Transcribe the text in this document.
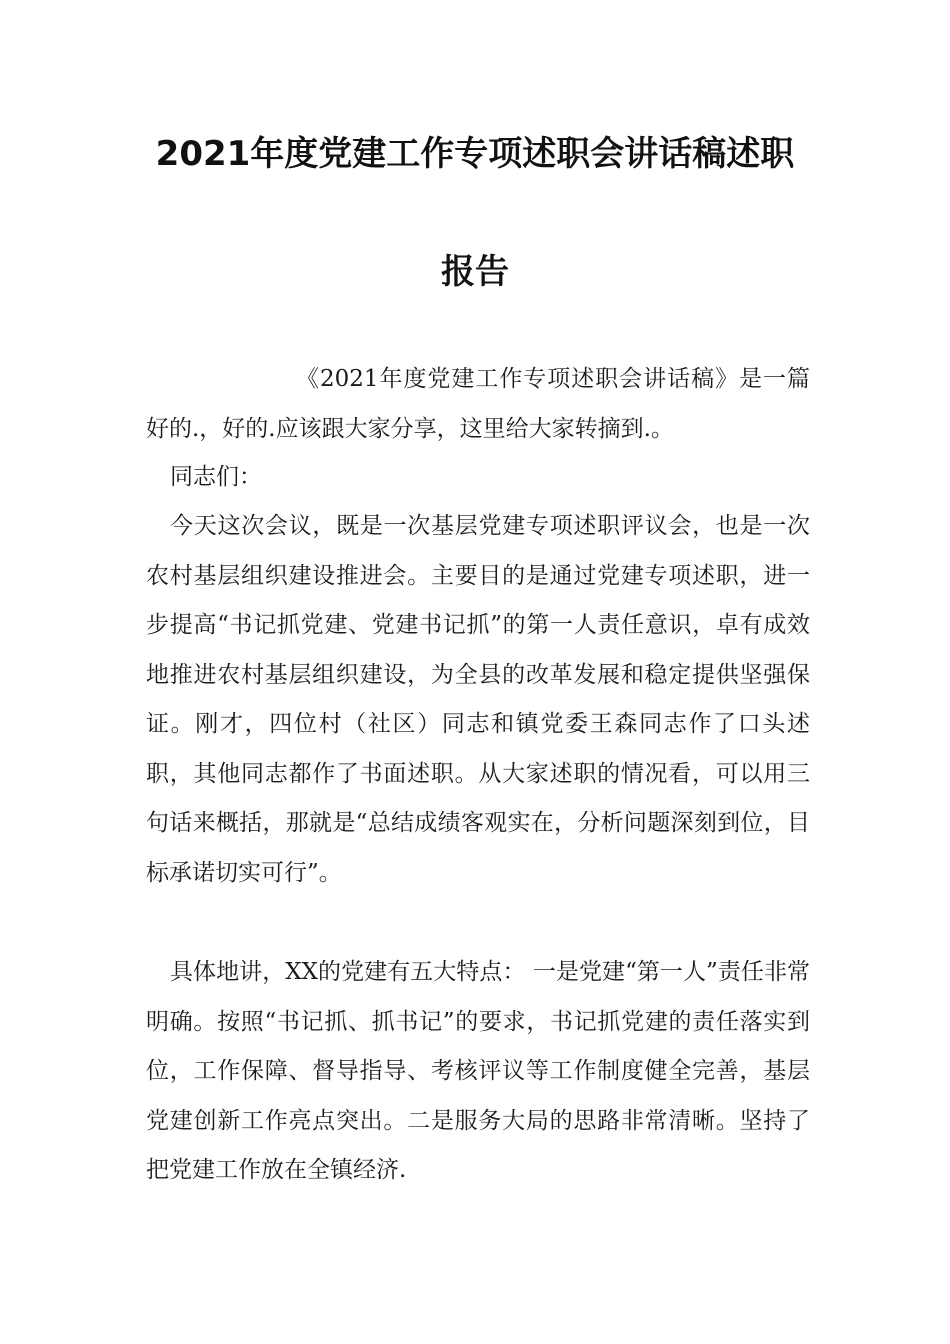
2021年度党建工作专项述职会讲话稿述职
报告

《2021年度党建工作专项述职会讲话稿》是一篇好的.，好的.应该跟大家分享，这里给大家转摘到.。

同志们：

今天这次会议，既是一次基层党建专项述职评议会，也是一次农村基层组织建设推进会。主要目的是通过党建专项述职，进一步提高“书记抓党建、党建书记抓”的第一人责任意识，卓有成效地推进农村基层组织建设，为全县的改革发展和稳定提供坚强保证。刚才，四位村（社区）同志和镇党委王森同志作了口头述职，其他同志都作了书面述职。从大家述职的情况看，可以用三句话来概括，那就是“总结成绩客观实在，分析问题深刻到位，目标承诺切实可行”。

具体地讲，XX的党建有五大特点： 一是党建“第一人”责任非常明确。按照“书记抓、抓书记”的要求，书记抓党建的责任落实到位，工作保障、督导指导、考核评议等工作制度健全完善，基层党建创新工作亮点突出。二是服务大局的思路非常清晰。坚持了把党建工作放在全镇经济.
